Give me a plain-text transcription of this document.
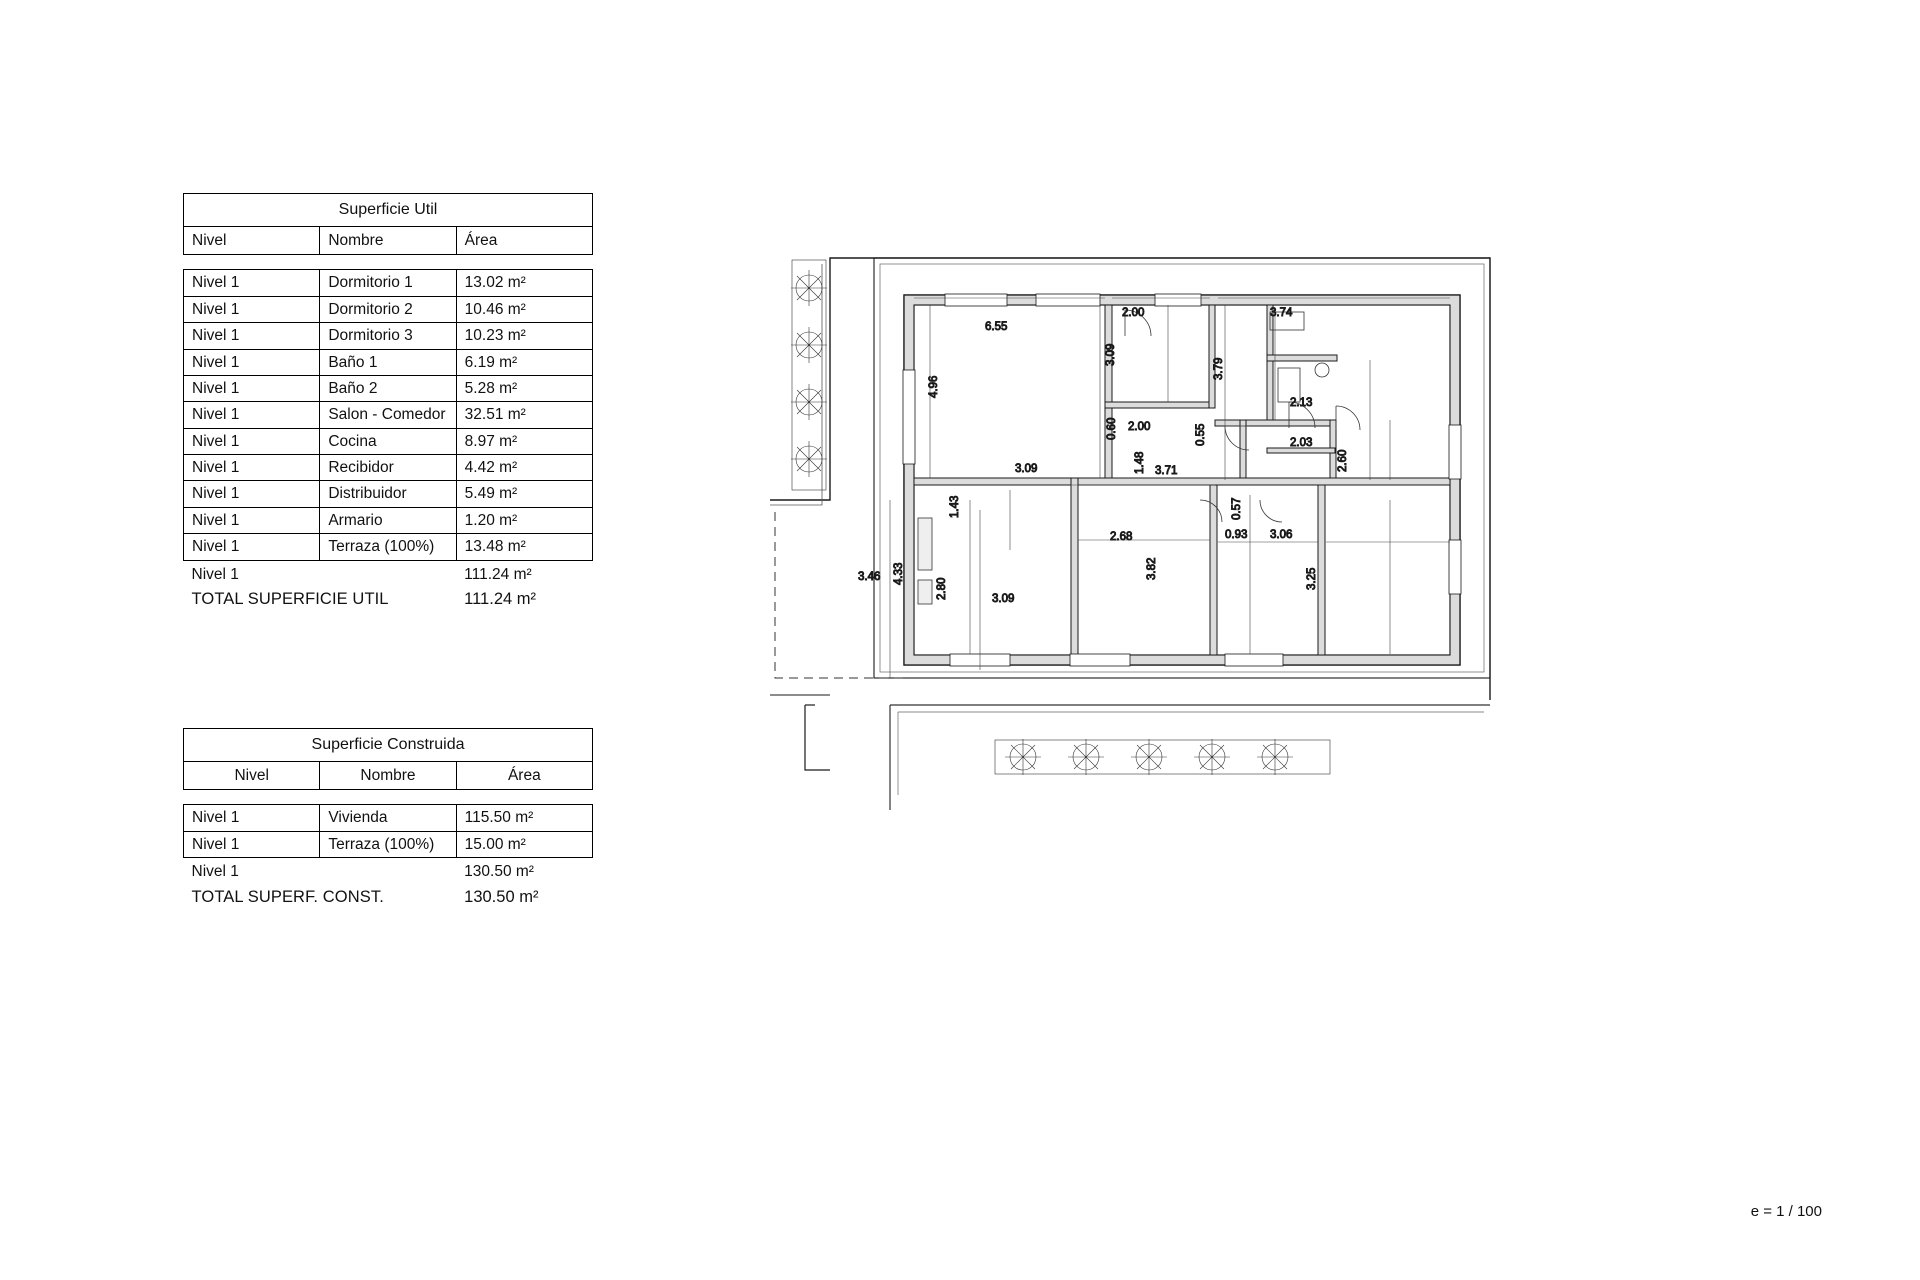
Superficie Util		
Nivel	Nombre	Área

Nivel 1	Dormitorio 1	13.02 m²
Nivel 1	Dormitorio 2	10.46 m²
Nivel 1	Dormitorio 3	10.23 m²
Nivel 1	Baño 1	6.19 m²
Nivel 1	Baño 2	5.28 m²
Nivel 1	Salon - Comedor	32.51 m²
Nivel 1	Cocina	8.97 m²
Nivel 1	Recibidor	4.42 m²
Nivel 1	Distribuidor	5.49 m²
Nivel 1	Armario	1.20 m²
Nivel 1	Terraza (100%)	13.48 m²
Nivel 1		111.24 m²
TOTAL SUPERFICIE UTIL		111.24 m²
Superficie Construida		
Nivel	Nombre	Área

Nivel 1	Vivienda	115.50 m²
Nivel 1	Terraza (100%)	15.00 m²
Nivel 1		130.50 m²
TOTAL SUPERF. CONST.		130.50 m²
6.55
2.00	3.74
3.09
3.79
4.96
2.13
0.60 2.00	0.55	2.03
2.60
1.48 3.71
3.09
1.43	0.57
0.93 3.06
2.68
3.82	3.25
3.46 4.33
2.80	3.09
e = 1 / 100
